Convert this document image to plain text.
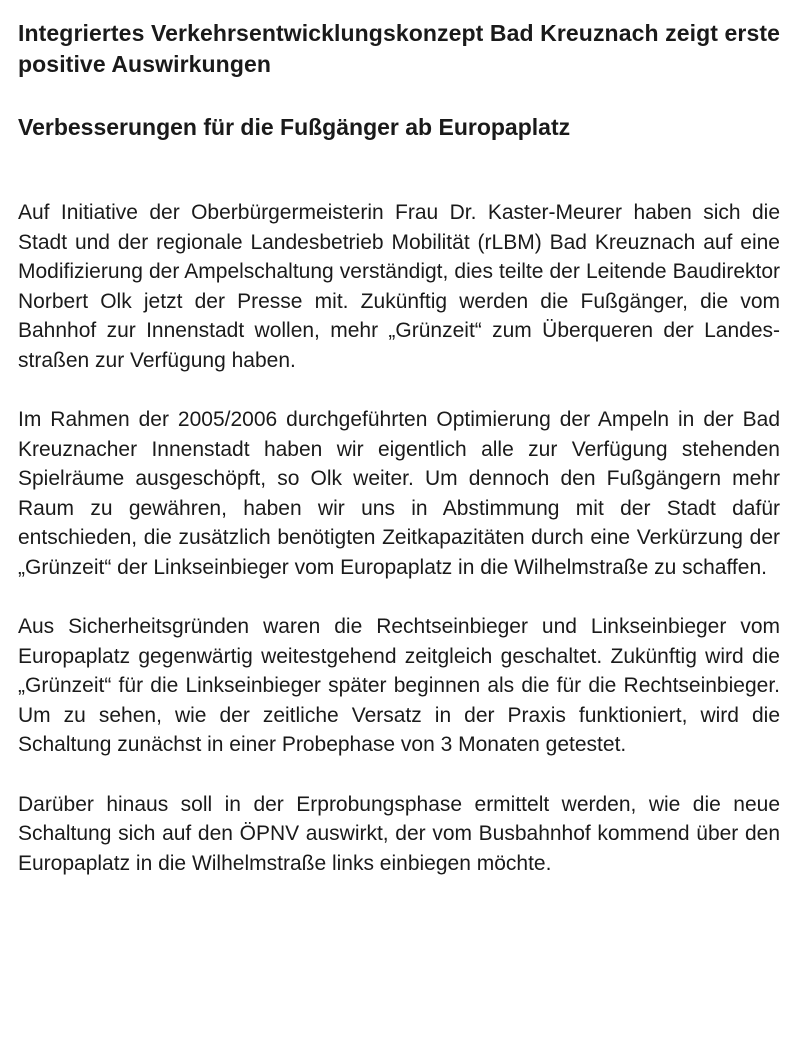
Integriertes Verkehrsentwicklungskonzept Bad Kreuznach zeigt erste positive Auswirkungen
Verbesserungen für die Fußgänger ab Europaplatz

Auf Initiative der Oberbürgermeisterin Frau Dr. Kaster-Meurer haben sich die Stadt und der regionale Landesbetrieb Mobilität (rLBM) Bad Kreuznach auf eine Modifizierung der Ampelschaltung verständigt, dies teilte der Leitende Baudirektor Norbert Olk jetzt der Presse mit. Zukünftig werden die Fußgänger, die vom Bahnhof zur Innenstadt wollen, mehr „Grünzeit“ zum Überqueren der Landesstraßen zur Verfügung haben.

Im Rahmen der 2005/2006 durchgeführten Optimierung der Ampeln in der Bad Kreuznacher Innenstadt haben wir eigentlich alle zur Verfügung stehenden Spielräume ausgeschöpft, so Olk weiter. Um dennoch den Fußgängern mehr Raum zu gewähren, haben wir uns in Abstimmung mit der Stadt dafür entschieden, die zusätzlich benötigten Zeitkapazitäten durch eine Verkürzung der „Grünzeit“ der Linkseinbieger vom Europaplatz in die Wilhelmstraße zu schaffen.

Aus Sicherheitsgründen waren die Rechtseinbieger und Linkseinbieger vom Europaplatz gegenwärtig weitestgehend zeitgleich geschaltet. Zukünftig wird die „Grünzeit“ für die Linkseinbieger später beginnen als die für die Rechtseinbieger. Um zu sehen, wie der zeitliche Versatz in der Praxis funktioniert, wird die Schaltung zunächst in einer Probephase von 3 Monaten getestet.

Darüber hinaus soll in der Erprobungsphase ermittelt werden, wie die neue Schaltung sich auf den ÖPNV auswirkt, der vom Busbahnhof kommend über den Europaplatz in die Wilhelmstraße links einbiegen möchte.
